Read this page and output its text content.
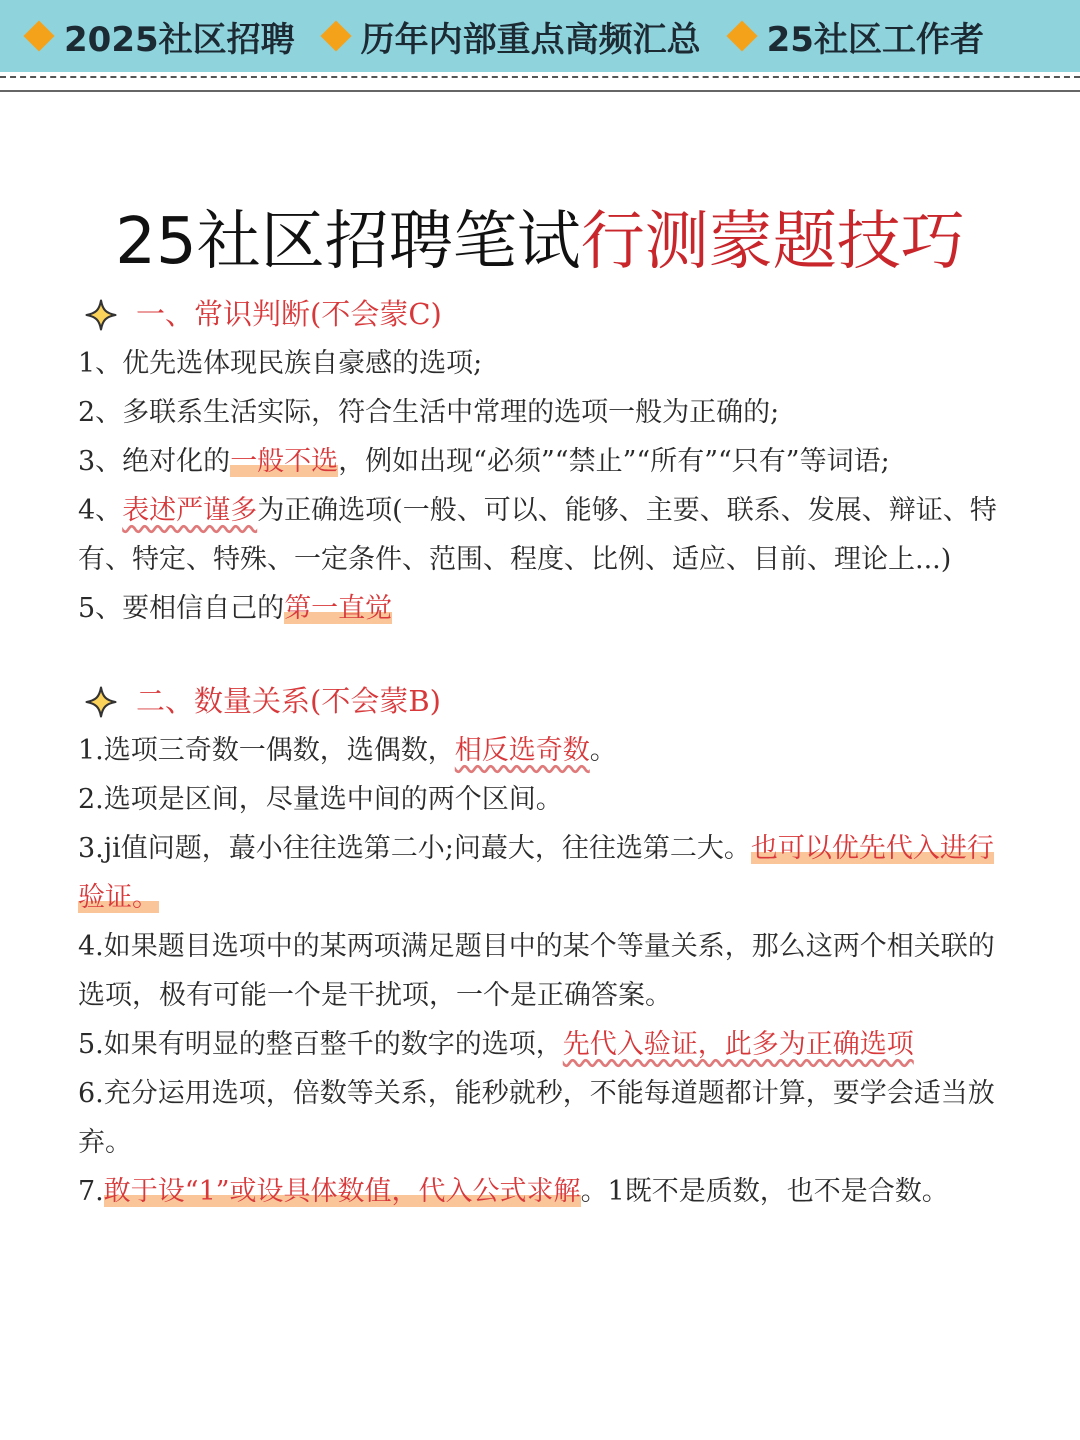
2025社区招聘 历年内部重点高频汇总 25社区工作者
25社区招聘笔试行测蒙题技巧
一、常识判断(不会蒙C)

1、优先选体现民族自豪感的选项;

2、多联系生活实际，符合生活中常理的选项一般为正确的;

3、绝对化的一般不选，例如出现“必须”“禁止”“所有”“只有”等词语;

4、表述严谨多为正确选项(一般、可以、能够、主要、联系、发展、辩证、特有、特定、特殊、一定条件、范围、程度、比例、适应、目前、理论上...)

5、要相信自己的第一直觉

二、数量关系(不会蒙B)

1.选项三奇数一偶数，选偶数，相反选奇数。

2.选项是区间，尽量选中间的两个区间。

3.ji值问题，蕞小往往选第二小;问蕞大，往往选第二大。也可以优先代入进行验证。

4.如果题目选项中的某两项满足题目中的某个等量关系，那么这两个相关联的选项，极有可能一个是干扰项，一个是正确答案。

5.如果有明显的整百整千的数字的选项，先代入验证，此多为正确选项

6.充分运用选项，倍数等关系，能秒就秒，不能每道题都计算，要学会适当放弃。

7.敢于设“1”或设具体数值，代入公式求解。1既不是质数，也不是合数。
